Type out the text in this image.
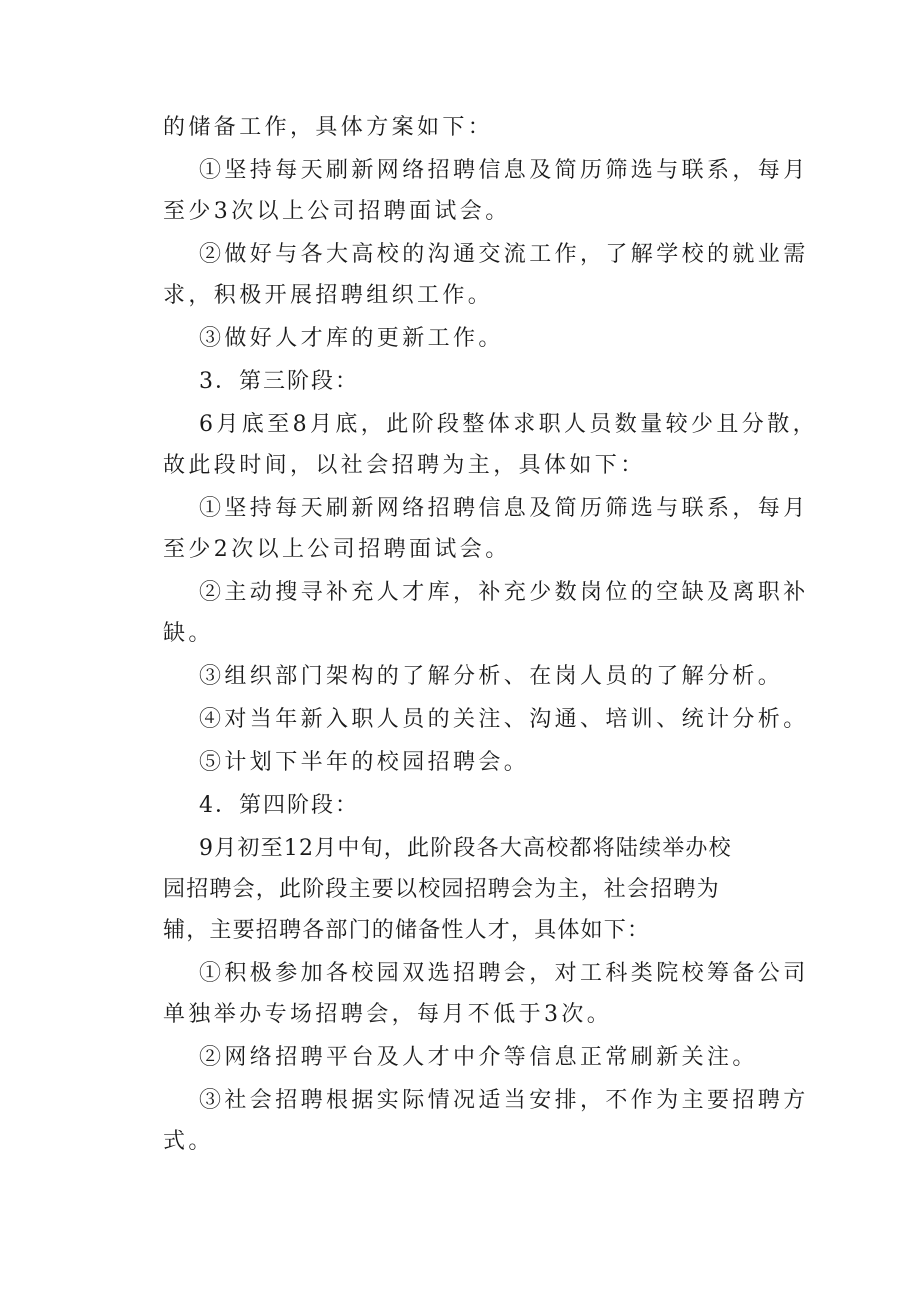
的储备工作，具体方案如下：
①坚持每天刷新网络招聘信息及简历筛选与联系，每月
至少3次以上公司招聘面试会。
②做好与各大高校的沟通交流工作，了解学校的就业需
求，积极开展招聘组织工作。
③做好人才库的更新工作。
3．第三阶段：
6月底至8月底，此阶段整体求职人员数量较少且分散，
故此段时间，以社会招聘为主，具体如下：
①坚持每天刷新网络招聘信息及简历筛选与联系，每月
至少2次以上公司招聘面试会。
②主动搜寻补充人才库，补充少数岗位的空缺及离职补
缺。
③组织部门架构的了解分析、在岗人员的了解分析。
④对当年新入职人员的关注、沟通、培训、统计分析。
⑤计划下半年的校园招聘会。
4．第四阶段：
9月初至12月中旬，此阶段各大高校都将陆续举办校
园招聘会，此阶段主要以校园招聘会为主，社会招聘为
辅，主要招聘各部门的储备性人才，具体如下：
①积极参加各校园双选招聘会，对工科类院校筹备公司
单独举办专场招聘会，每月不低于3次。
②网络招聘平台及人才中介等信息正常刷新关注。
③社会招聘根据实际情况适当安排，不作为主要招聘方
式。
